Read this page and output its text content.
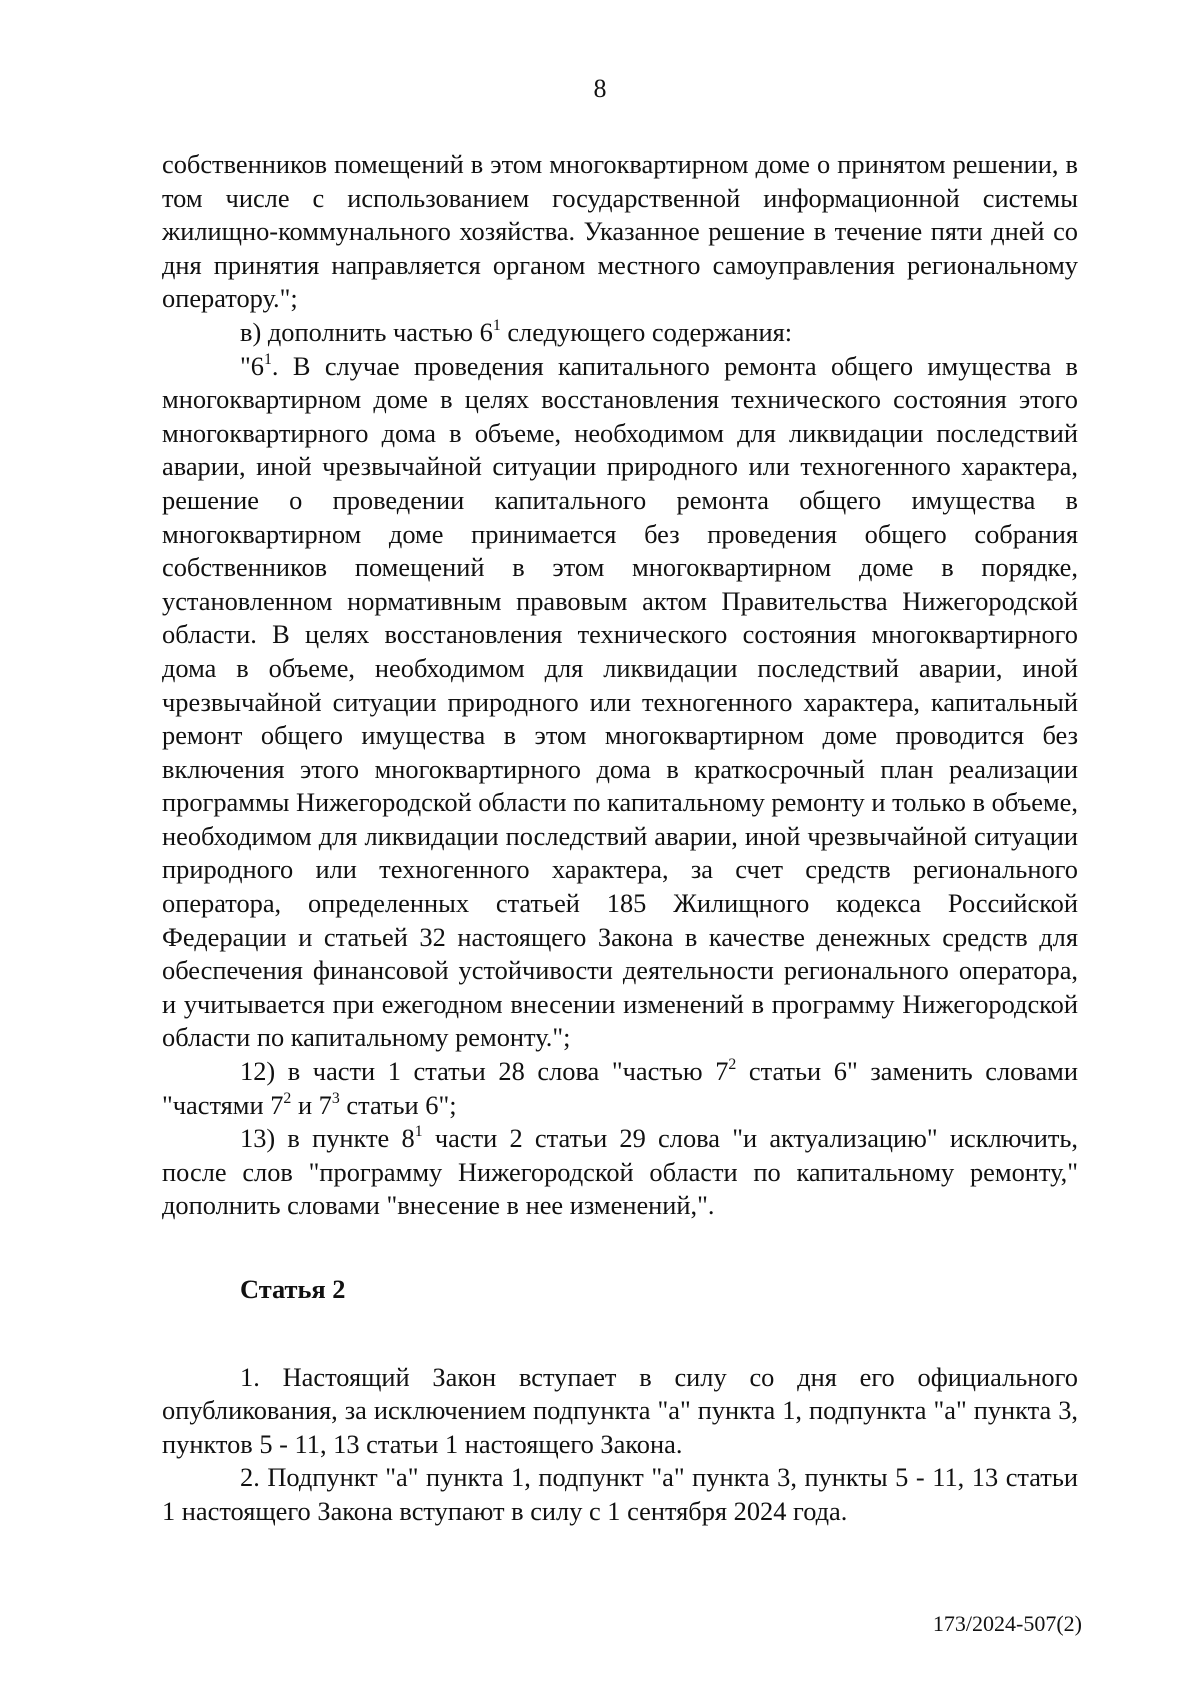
8

собственников помещений в этом многоквартирном доме о принятом решении, в том числе с использованием государственной информационной системы жилищно-коммунального хозяйства. Указанное решение в течение пяти дней со дня принятия направляется органом местного самоуправления региональному оператору.";

в) дополнить частью $6^1$ следующего содержания:

"$6^1$. В случае проведения капитального ремонта общего имущества в многоквартирном доме в целях восстановления технического состояния этого многоквартирного дома в объеме, необходимом для ликвидации последствий аварии, иной чрезвычайной ситуации природного или техногенного характера, решение о проведении капитального ремонта общего имущества в многоквартирном доме принимается без проведения общего собрания собственников помещений в этом многоквартирном доме в порядке, установленном нормативным правовым актом Правительства Нижегородской области. В целях восстановления технического состояния многоквартирного дома в объеме, необходимом для ликвидации последствий аварии, иной чрезвычайной ситуации природного или техногенного характера, капитальный ремонт общего имущества в этом многоквартирном доме проводится без включения этого многоквартирного дома в краткосрочный план реализации программы Нижегородской области по капитальному ремонту и только в объеме, необходимом для ликвидации последствий аварии, иной чрезвычайной ситуации природного или техногенного характера, за счет средств регионального оператора, определенных статьей 185 Жилищного кодекса Российской Федерации и статьей 32 настоящего Закона в качестве денежных средств для обеспечения финансовой устойчивости деятельности регионального оператора, и учитывается при ежегодном внесении изменений в программу Нижегородской области по капитальному ремонту.";

12) в части 1 статьи 28 слова "частью $7^2$ статьи 6" заменить словами "частями $7^2$ и $7^3$ статьи 6";

13) в пункте $8^1$ части 2 статьи 29 слова "и актуализацию" исключить, после слов "программу Нижегородской области по капитальному ремонту," дополнить словами "внесение в нее изменений,".

Статья 2

1. Настоящий Закон вступает в силу со дня его официального опубликования, за исключением подпункта "а" пункта 1, подпункта "а" пункта 3, пунктов 5 - 11, 13 статьи 1 настоящего Закона.

2. Подпункт "а" пункта 1, подпункт "а" пункта 3, пункты 5 - 11, 13 статьи 1 настоящего Закона вступают в силу с 1 сентября 2024 года.

173/2024-507(2)
